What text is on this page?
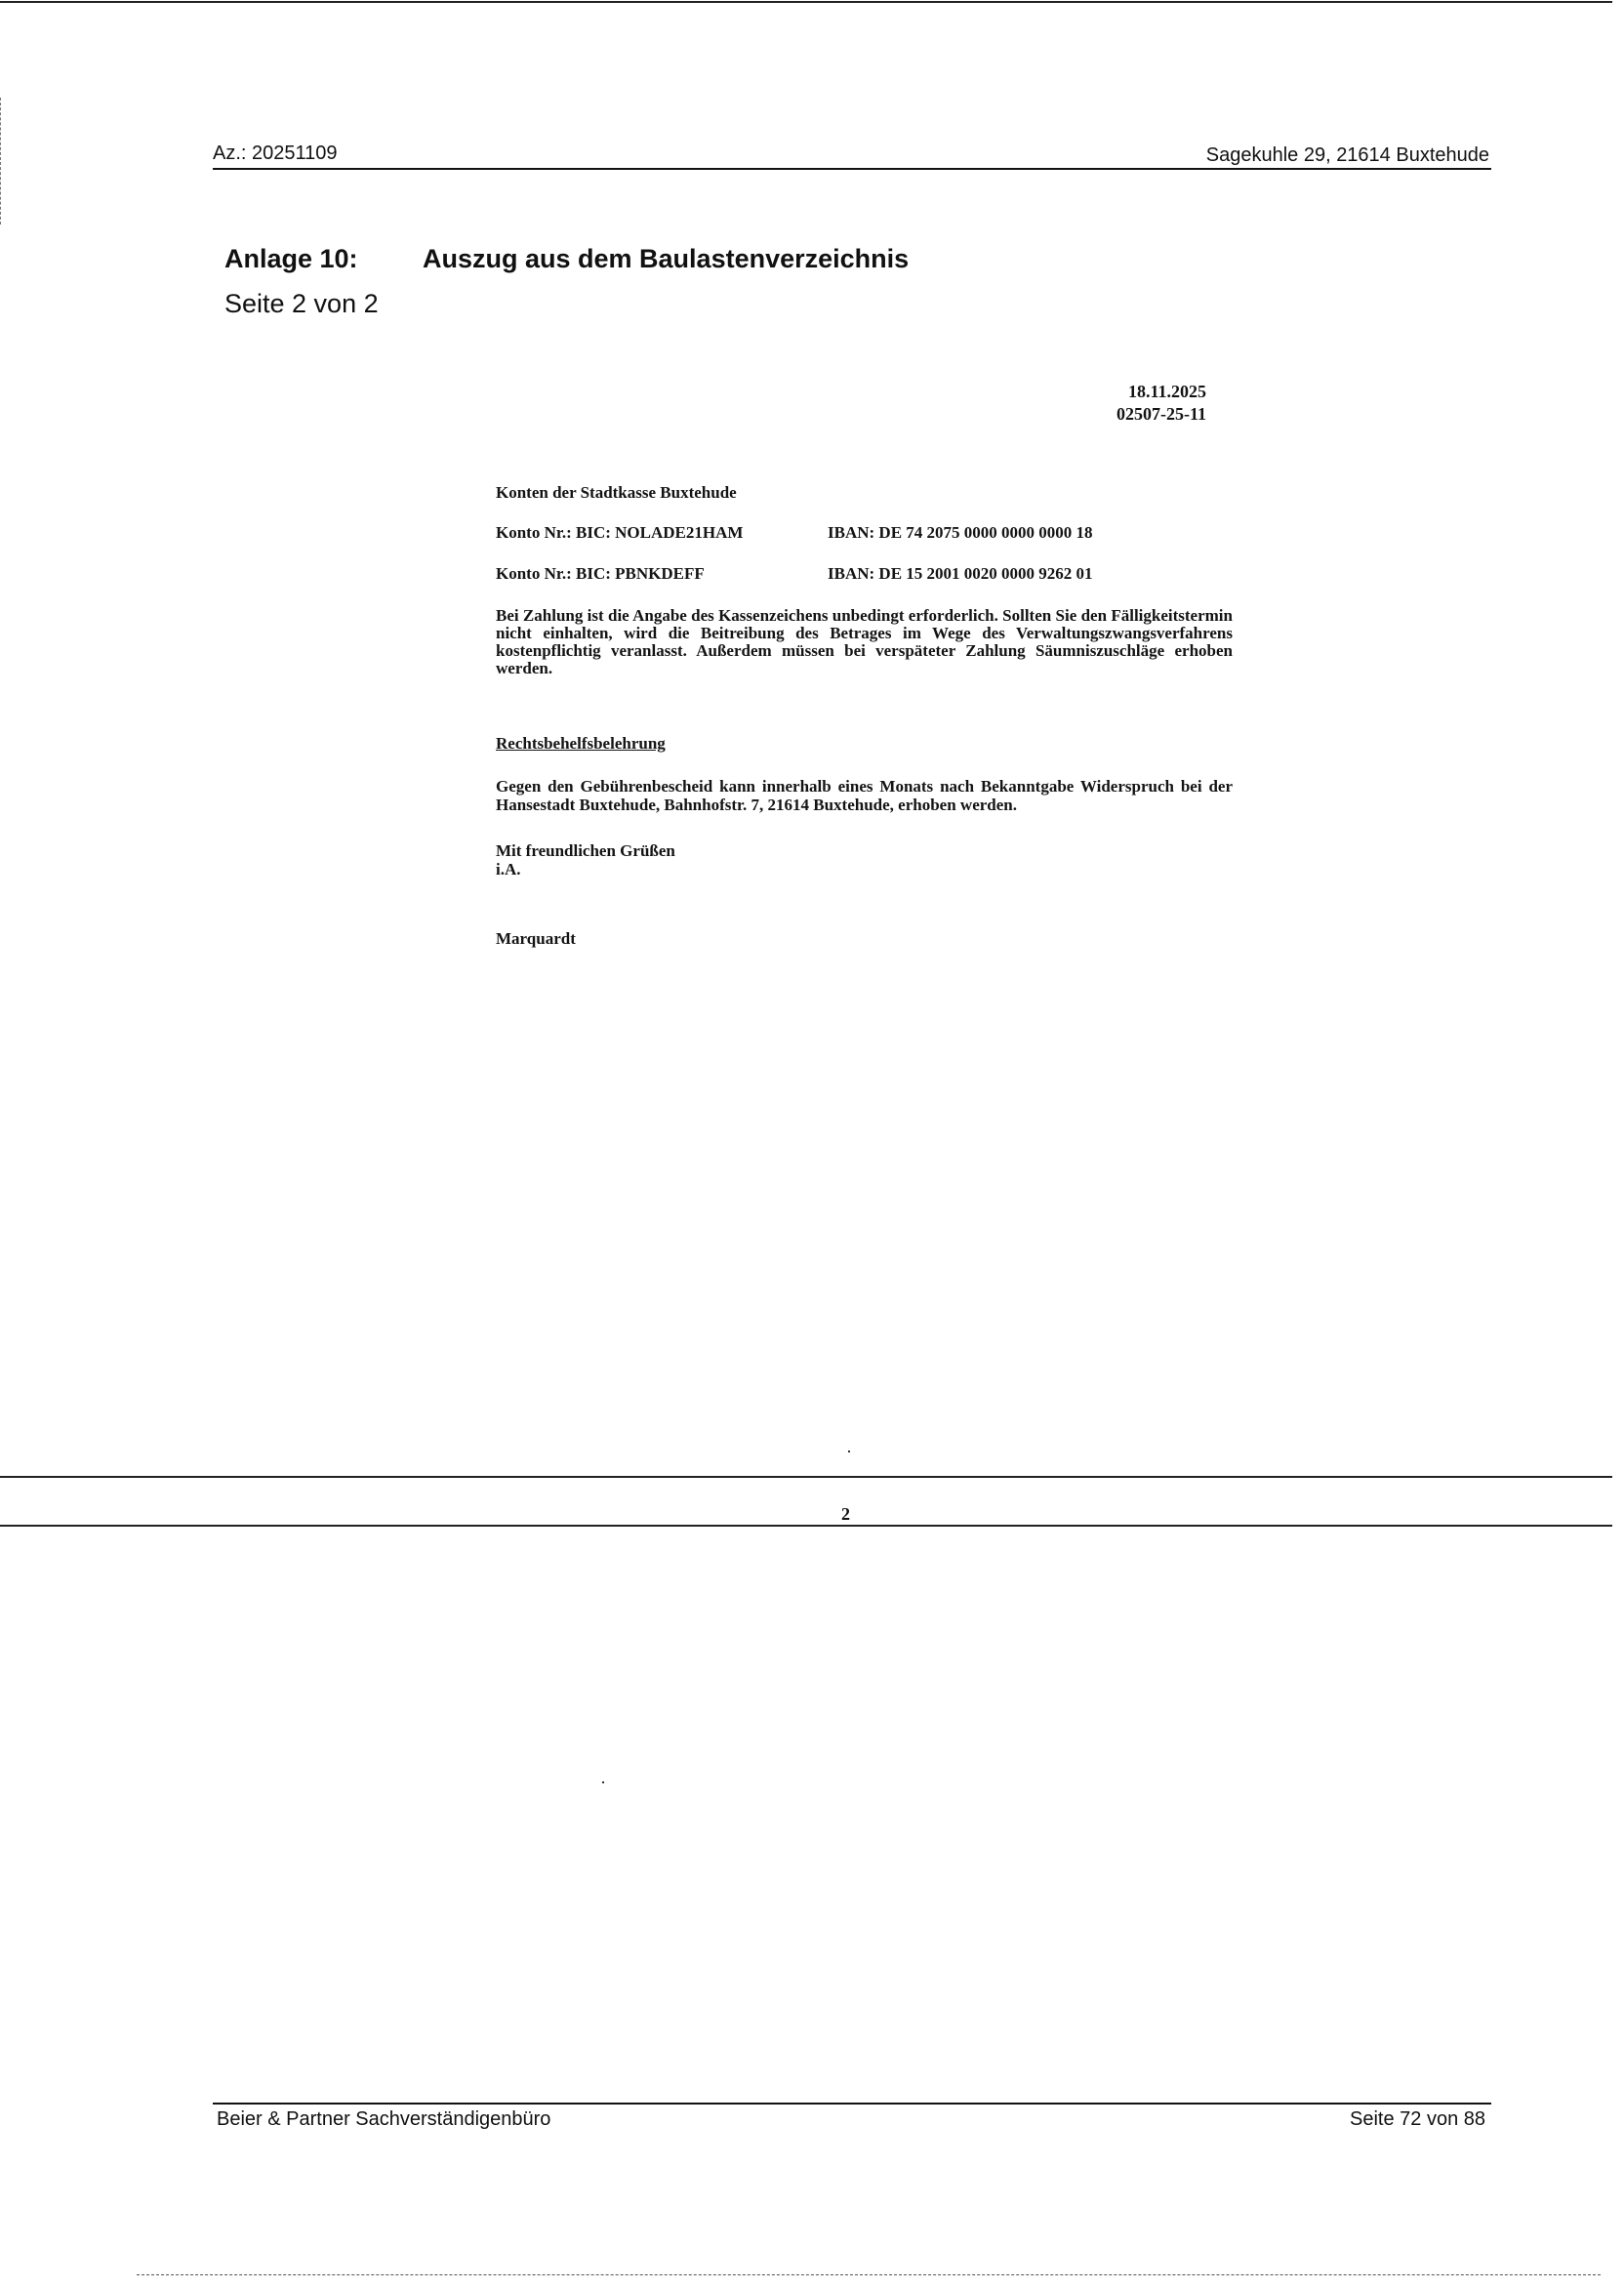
Az.: 20251109	Sagekuhle 29, 21614 Buxtehude
Anlage 10: Auszug aus dem Baulastenverzeichnis
Seite 2 von 2
18.11.2025
02507-25-11
Konten der Stadtkasse Buxtehude
Konto Nr.: BIC: NOLADE21HAM	IBAN: DE 74 2075 0000 0000 0000 18
Konto Nr.: BIC: PBNKDEFF	IBAN: DE 15 2001 0020 0000 9262 01
Bei Zahlung ist die Angabe des Kassenzeichens unbedingt erforderlich. Sollten Sie den Fälligkeitstermin nicht einhalten, wird die Beitreibung des Betrages im Wege des Verwaltungszwangsverfahrens kostenpflichtig veranlasst. Außerdem müssen bei verspäteter Zahlung Säumniszuschläge erhoben werden.
Rechtsbehelfsbelehrung
Gegen den Gebührenbescheid kann innerhalb eines Monats nach Bekanntgabe Widerspruch bei der Hansestadt Buxtehude, Bahnhofstr. 7, 21614 Buxtehude, erhoben werden.
Mit freundlichen Grüßen
i.A.
Marquardt
2
Beier & Partner Sachverständigenbüro	Seite 72 von 88
